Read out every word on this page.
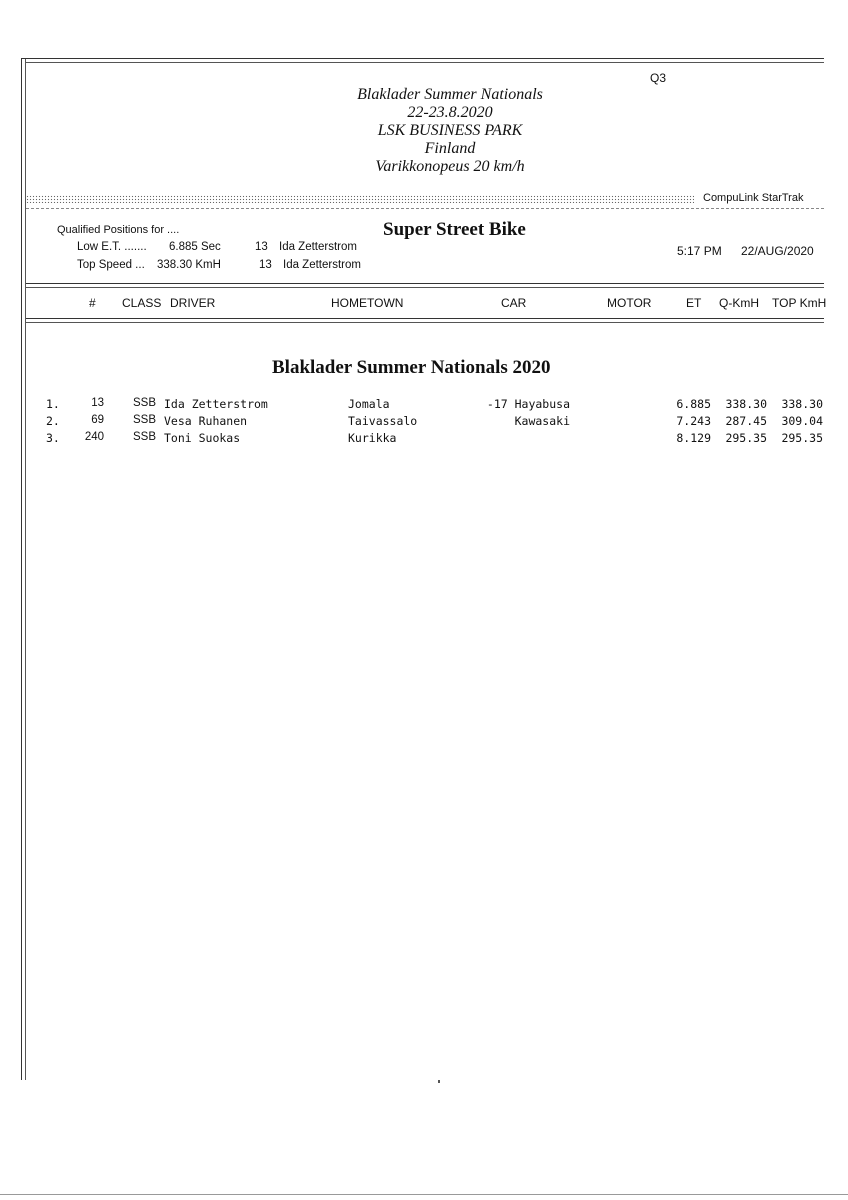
Q3
Blaklader Summer Nationals
22-23.8.2020
LSK BUSINESS PARK
Finland
Varikkonopeus 20 km/h
CompuLink StarTrak
Qualified Positions for ....
Low E.T. ....... 6.885 Sec	13 Ida Zetterstrom
Top Speed ... 338.30 KmH	13 Ida Zetterstrom
Super Street Bike
5:17 PM 22/AUG/2020
# CLASS DRIVER	HOMETOWN	CAR	MOTOR	ET Q-KmH TOP KmH
Blaklader Summer Nationals 2020
1.	13	SSB Ida Zetterstrom	Jomala	-17 Hayabusa	6.885	338.30	338.30
2.	69	SSB Vesa Ruhanen	Taivassalo	Kawasaki	7.243	287.45	309.04
3.	240	SSB Toni Suokas	Kurikka	8.129	295.35	295.35
